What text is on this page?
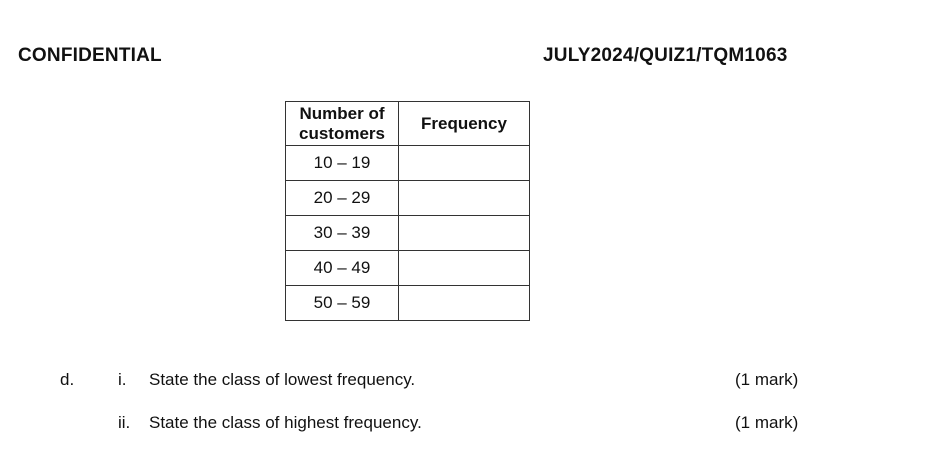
CONFIDENTIAL	JULY2024/QUIZ1/TQM1063
Number of
customers	Frequency
10 – 19	
20 – 29	
30 – 39	
40 – 49	
50 – 59	
d.	i. State the class of lowest frequency.	(1 mark)
ii. State the class of highest frequency.	(1 mark)
